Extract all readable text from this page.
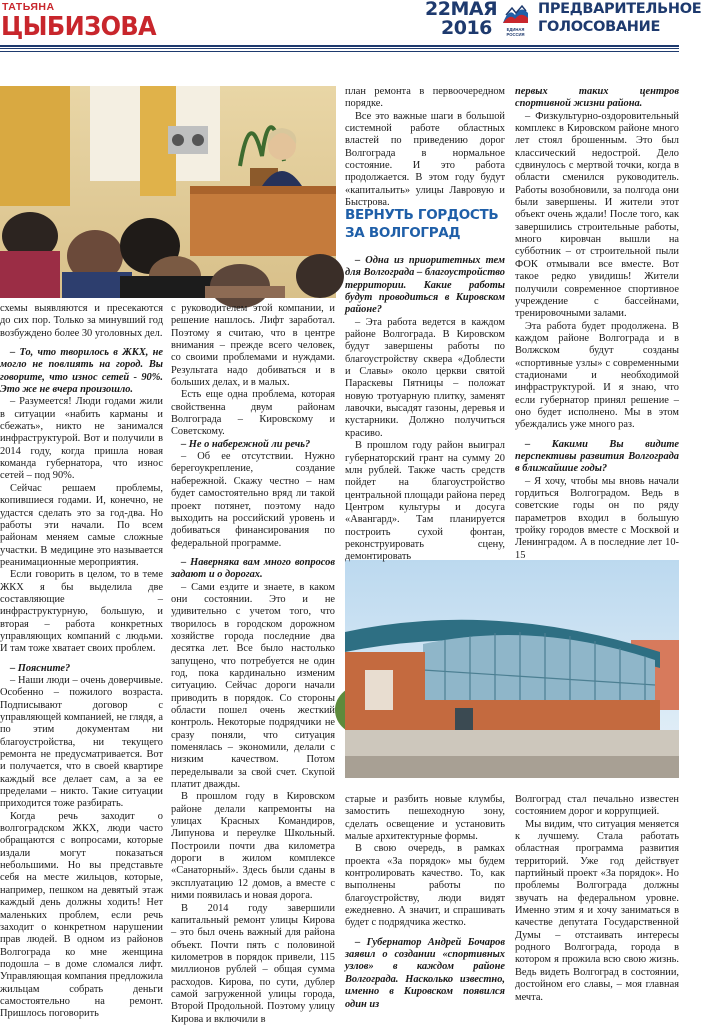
ТАТЬЯНА
ЦЫБИЗОВА
22МАЯ
2016	ЕДИНАЯ
РОССИЯ
ПРЕДВАРИТЕЛЬНОЕ
ГОЛОСОВАНИЕ

схемы выявляются и пресекаются до сих пор. Только за минувший год возбуждено более 30 уголовных дел.

– То, что творилось в ЖКХ, не могло не повлиять на город. Вы говорите, что износ сетей - 90%. Это же не вчера произошло.

– Разумеется! Люди годами жили в ситуации «набить карманы и сбежать», никто не занимался инфраструктурой. Вот и получили в 2014 году, когда пришла новая команда губернатора, что износ сетей – под 90%.

Сейчас решаем проблемы, копившиеся годами. И, конечно, не удастся сделать это за год-два. Но работы эти начали. По всем районам меняем самые сложные участки. В медицине это называется реанимационные мероприятия.

Если говорить в целом, то в теме ЖКХ я бы выделила две составляющие – инфраструктурную, большую, и вторая – работа конкретных управляющих компаний с людьми. И там тоже хватает своих проблем.

– Поясните?

– Наши люди – очень доверчивые. Особенно – пожилого возраста. Подписывают договор с управляющей компанией, не глядя, а по этим документам ни благоустройства, ни текущего ремонта не предусматривается. Вот и получается, что в своей квартире каждый все делает сам, а за ее пределами – никто. Такие ситуации приходится тоже разбирать.

Когда речь заходит о волгоградском ЖКХ, люди часто обращаются с вопросами, которые издали могут показаться небольшими. Но вы представьте себя на месте жильцов, которые, например, пешком на девятый этаж каждый день должны ходить! Нет маленьких проблем, если речь заходит о конкретном нарушении прав людей. В одном из районов Волгограда ко мне женщина подошла – в доме сломался лифт. Управляющая компания предложила жильцам собрать деньги самостоятельно на ремонт. Пришлось поговорить

с руководителем этой компании, и решение нашлось. Лифт заработал. Поэтому я считаю, что в центре внимания – прежде всего человек, со своими проблемами и нуждами. Результата надо добиваться и в больших делах, и в малых.

Есть еще одна проблема, которая свойственна двум районам Волгограда – Кировскому и Советскому.

– Не о набережной ли речь?

– Об ее отсутствии. Нужно берегоукрепление, создание набережной. Скажу честно – нам будет самостоятельно вряд ли такой проект потянет, поэтому надо выходить на российский уровень и добиваться финансирования по федеральной программе.

– Наверняка вам много вопросов задают и о дорогах.

– Сами ездите и знаете, в каком они состоянии. Это и не удивительно с учетом того, что творилось в городском дорожном хозяйстве города последние два десятка лет. Все было настолько запущено, что потребуется не один год, пока кардинально изменим ситуацию. Сейчас дороги начали приводить в порядок. Со стороны области пошел очень жесткий контроль. Некоторые подрядчики не сразу поняли, что ситуация поменялась – экономили, делали с низким качеством. Потом переделывали за свой счет. Скупой платит дважды.

В прошлом году в Кировском районе делали капремонты на улицах Красных Командиров, Липунова и переулке Школьный. Построили почти два километра дороги в жилом комплексе «Санаторный». Здесь были сданы в эксплуатацию 12 домов, а вместе с ними появилась и новая дорога.

В 2014 году завершили капитальный ремонт улицы Кирова – это был очень важный для района объект. Почти пять с половиной километров в порядок привели, 115 миллионов рублей – общая сумма расходов. Кирова, по сути, дублер самой загруженной улицы города, Второй Продольной. Поэтому улицу Кирова и включили в

план ремонта в первоочередном порядке.

Все это важные шаги в большой системной работе областных властей по приведению дорог Волгограда в нормальное состояние. И это работа продолжается. В этом году будут «капитальить» улицы Лавровую и Быстрова.

ВЕРНУТЬ ГОРДОСТЬ ЗА ВОЛГОГРАД

– Одна из приоритетных тем для Волгограда – благоустройство территории. Какие работы будут проводиться в Кировском районе?

– Эта работа ведется в каждом районе Волгограда. В Кировском будут завершены работы по благоустройству сквера «Доблести и Славы» около церкви святой Параскевы Пятницы – положат новую тротуарную плитку, заменят лавочки, высадят газоны, деревья и кустарники. Должно получиться красиво.

В прошлом году район выиграл губернаторский грант на сумму 20 млн рублей. Также часть средств пойдет на благоустройство центральной площади района перед Центром культуры и досуга «Авангард». Там планируется построить сухой фонтан, реконструировать сцену, демонтировать

первых таких центров спортивной жизни района.

– Физкультурно-оздоровительный комплекс в Кировском районе много лет стоял брошенным. Это был классический недострой. Дело сдвинулось с мертвой точки, когда в области сменился руководитель. Работы возобновили, за полгода они были завершены. И жители этот объект очень ждали! После того, как завершились строительные работы, много кировчан вышли на субботник – от строительной пыли ФОК отмывали все вместе. Вот такое редко увидишь! Жители получили современное спортивное учреждение с бассейнами, тренировочными залами.

Эта работа будет продолжена. В каждом районе Волгограда и в Волжском будут созданы «спортивные узлы» с современными стадионами и необходимой инфраструктурой. И я знаю, что если губернатор принял решение – оно будет исполнено. Мы в этом убеждались уже много раз.

– Какими Вы видите перспективы развития Волгограда в ближайшие годы?

– Я хочу, чтобы мы вновь начали гордиться Волгоградом. Ведь в советские годы он по ряду параметров входил в большую тройку городов вместе с Москвой и Ленинградом. А в последние лет 10-15

старые и разбить новые клумбы, замостить пешеходную зону, сделать освещение и установить малые архитектурные формы.

В свою очередь, в рамках проекта «За порядок» мы будем контролировать качество. То, как выполнены работы по благоустройству, люди видят ежедневно. А значит, и спрашивать будет с подрядчика жестко.

– Губернатор Андрей Бочаров заявил о создании «спортивных узлов» в каждом районе Волгограда. Насколько известно, именно в Кировском появился один из

Волгоград стал печально известен состоянием дорог и коррупцией.

Мы видим, что ситуация меняется к лучшему. Стала работать областная программа развития территорий. Уже год действует партийный проект «За порядок». Но проблемы Волгограда должны звучать на федеральном уровне. Именно этим я и хочу заниматься в качестве депутата Государственной Думы – отстаивать интересы родного Волгограда, города в котором я прожила всю свою жизнь. Ведь видеть Волгоград в состоянии, достойном его славы, – моя главная мечта.
